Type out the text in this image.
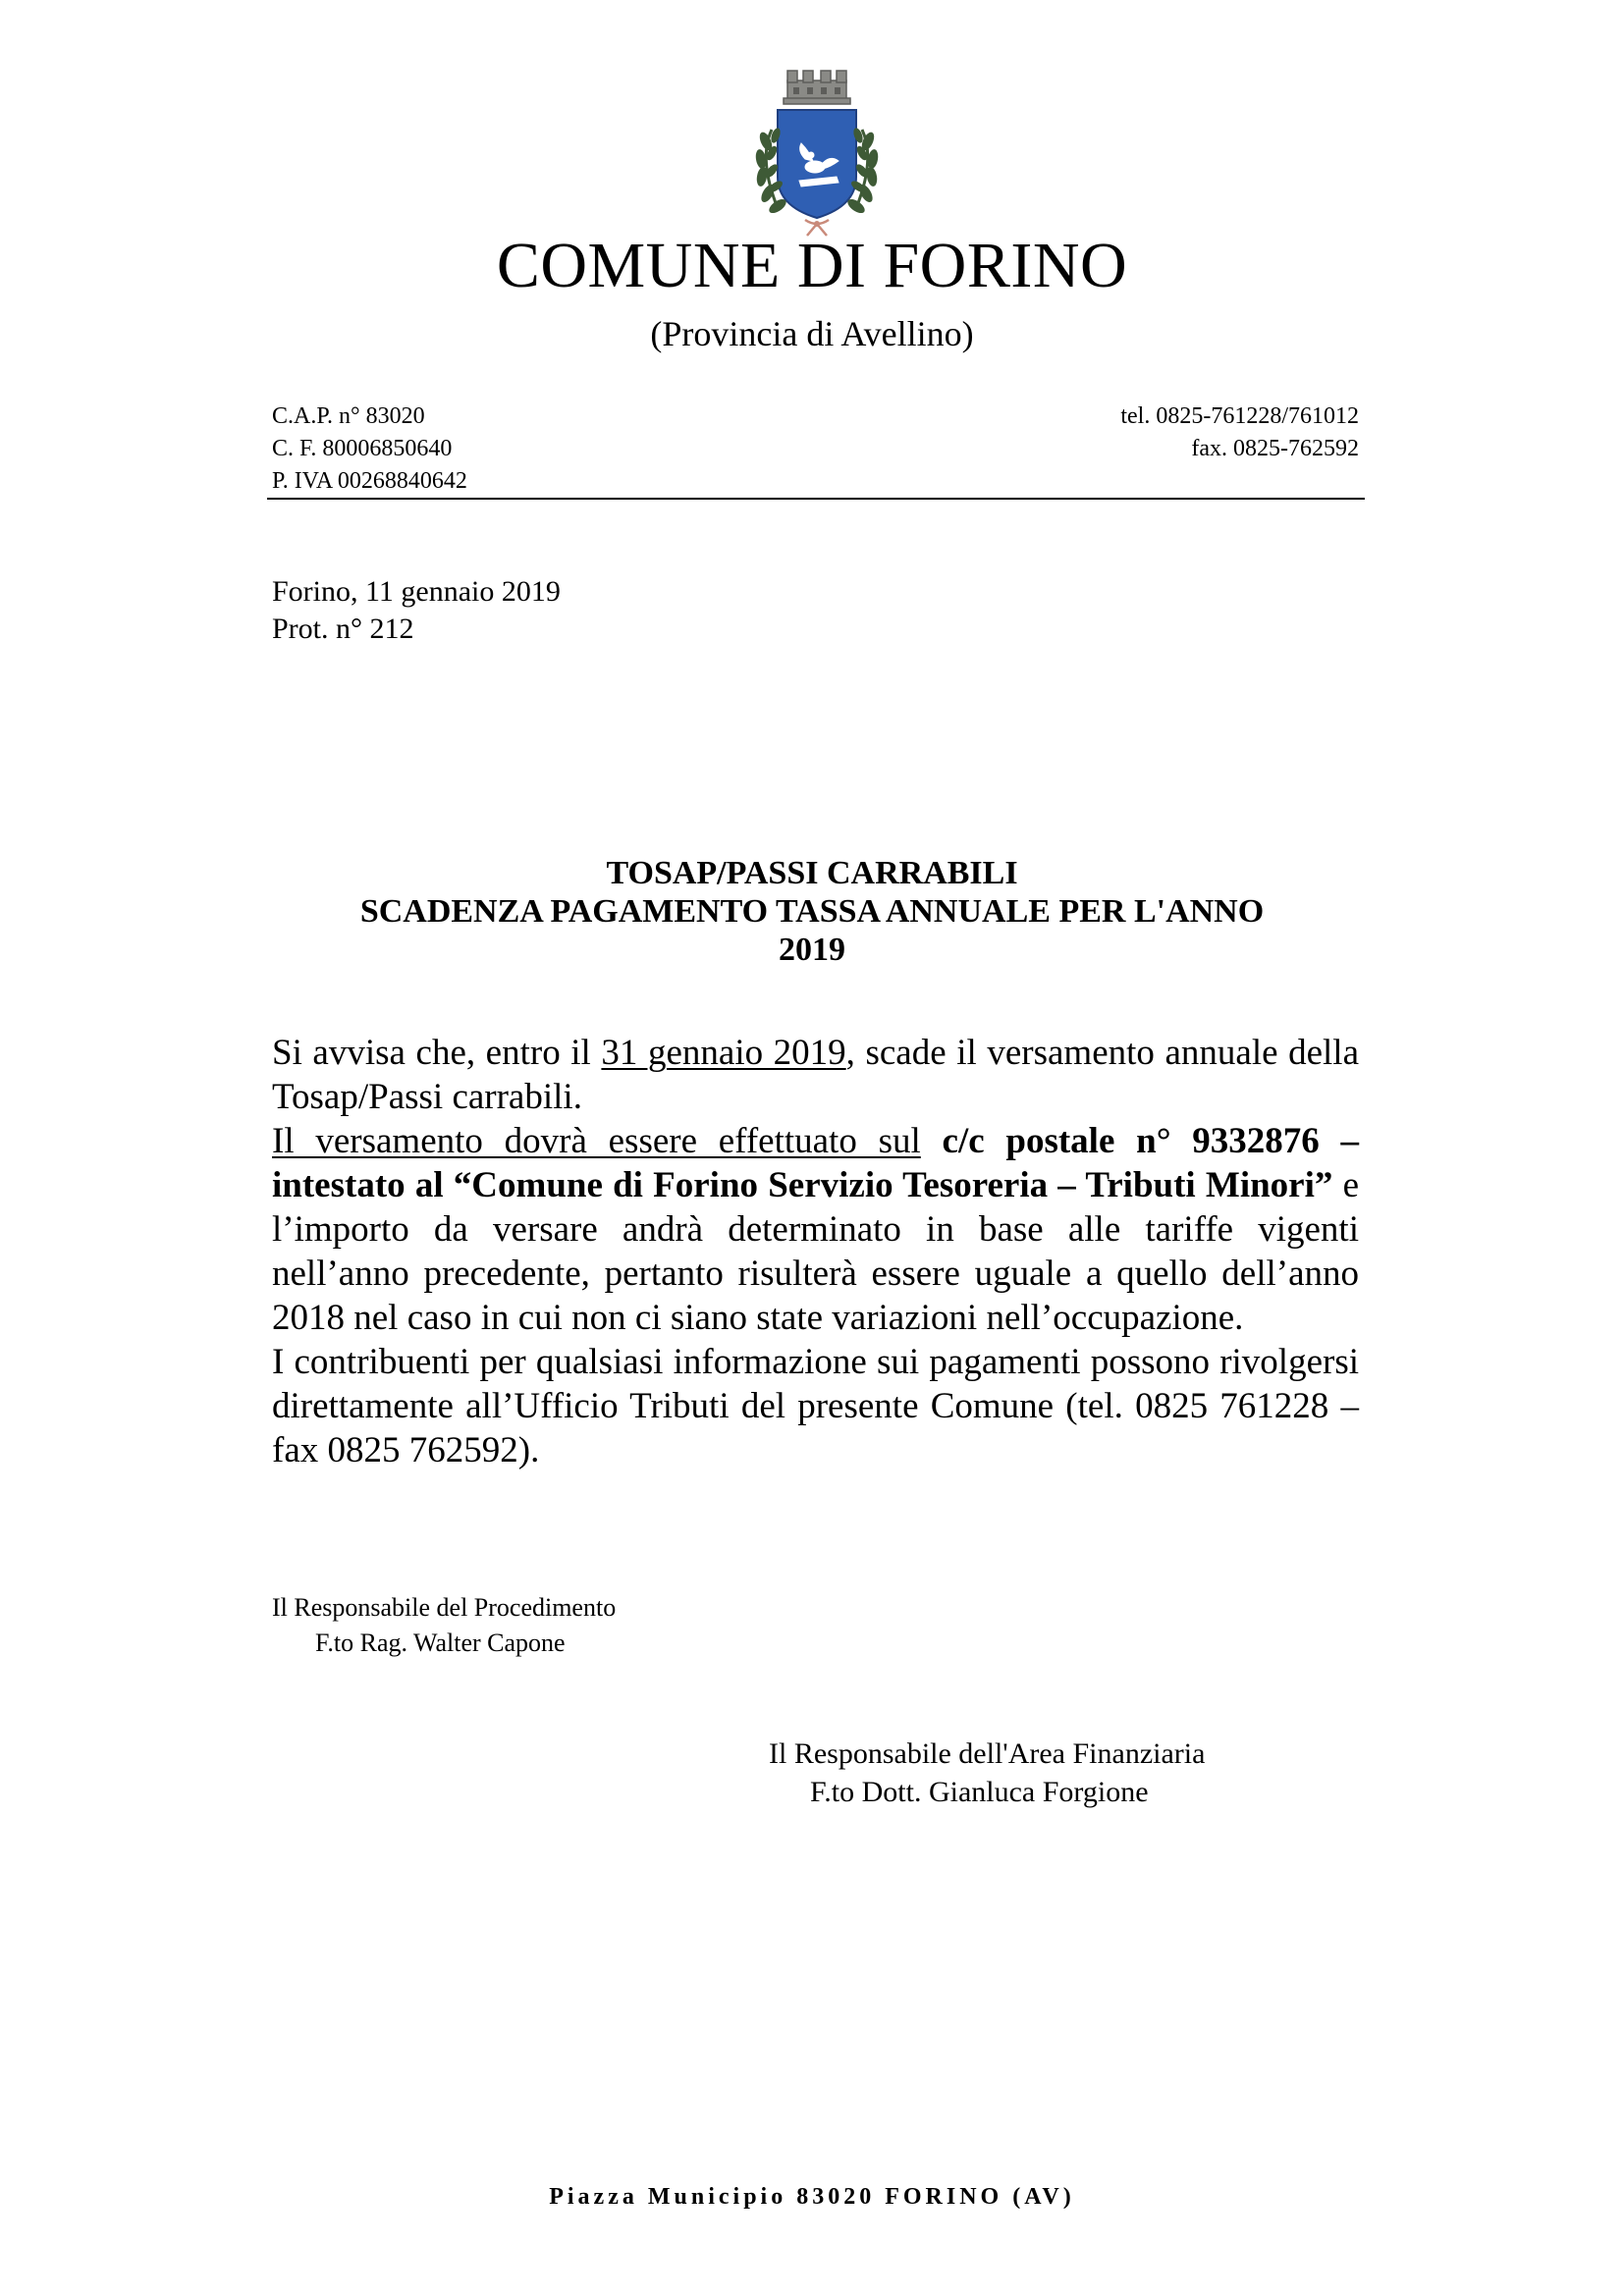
COMUNE DI FORINO
(Provincia di Avellino)
C.A.P. n° 83020
C. F. 80006850640
P. IVA 00268840642
tel. 0825-761228/761012
fax. 0825-762592
Forino, 11 gennaio 2019
Prot. n° 212
TOSAP/PASSI CARRABILI
SCADENZA PAGAMENTO TASSA ANNUALE PER L'ANNO
2019

Si avvisa che, entro il 31 gennaio 2019, scade il versamento annuale della Tosap/Passi carrabili.

Il versamento dovrà essere effettuato sul c/c postale n° 9332876 – intestato al “Comune di Forino Servizio Tesoreria – Tributi Minori” e l’importo da versare andrà determinato in base alle tariffe vigenti nell’anno precedente, pertanto risulterà essere uguale a quello dell’anno 2018 nel caso in cui non ci siano state variazioni nell’occupazione.

I contribuenti per qualsiasi informazione sui pagamenti possono rivolgersi direttamente all’Ufficio Tributi del presente Comune (tel. 0825 761228 – fax 0825 762592).

Il Responsabile del Procedimento
F.to Rag. Walter Capone
Il Responsabile dell'Area Finanziaria
F.to Dott. Gianluca Forgione
Piazza Municipio 83020 FORINO (AV)
